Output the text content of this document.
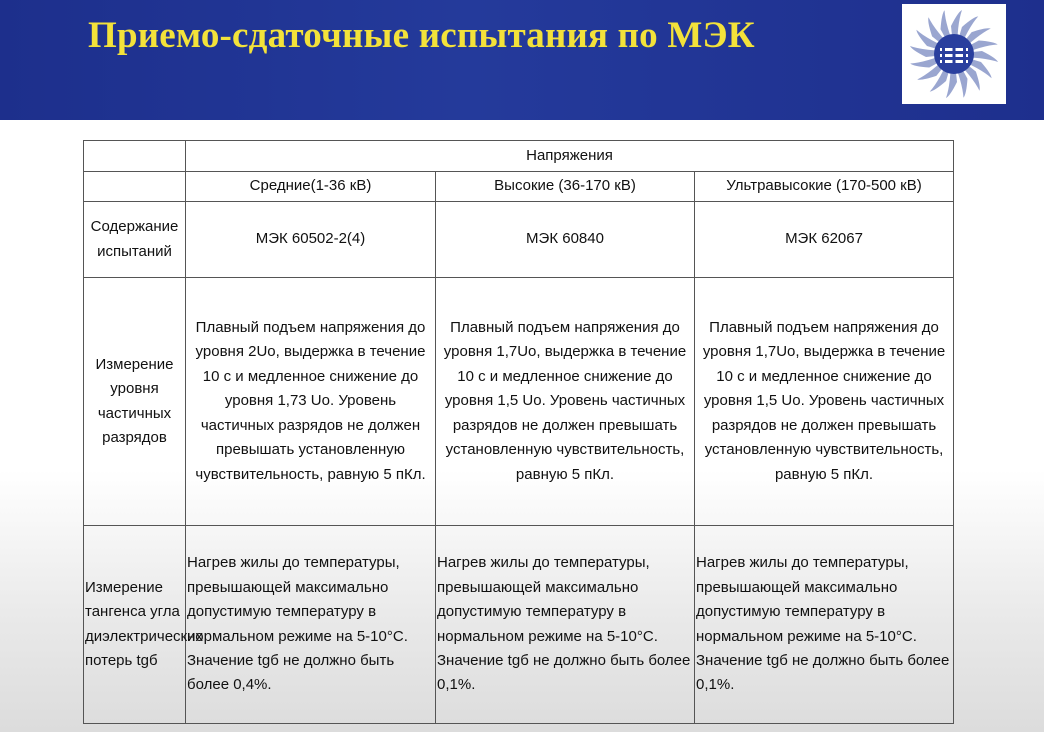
Приемо-сдаточные испытания по МЭК
	Напряжения		
	Средние(1-36 кВ)	Высокие (36-170 кВ)	Ультравысокие (170-500 кВ)
Содержание испытаний	МЭК 60502-2(4)	МЭК 60840	МЭК 62067
Измерение уровня частичных разрядов	Плавный подъем напряжения до уровня 2Uo, выдержка в течение 10 с и медленное снижение до уровня 1,73 Uo. Уровень частичных разрядов не должен превышать установленную чувствительность, равную 5 пКл.	Плавный подъем напряжения до уровня 1,7Uo, выдержка в течение 10 с и медленное снижение до уровня 1,5 Uo. Уровень частичных разрядов не должен превышать установленную чувствительность, равную 5 пКл.	Плавный подъем напряжения до уровня 1,7Uo, выдержка в течение 10 с и медленное снижение до уровня 1,5 Uo. Уровень частичных разрядов не должен превышать установленную чувствительность, равную 5 пКл.
Измерение тангенса угла диэлектрических потерь tgб	Нагрев жилы до температуры, превышающей максимально допустимую температуру в нормальном режиме на 5-10°С. Значение tgб не должно быть более 0,4%.	Нагрев жилы до температуры, превышающей максимально допустимую температуру в нормальном режиме на 5-10°С. Значение tgб не должно быть более 0,1%.	Нагрев жилы до температуры, превышающей максимально допустимую температуру в нормальном режиме на 5-10°С. Значение tgб не должно быть более 0,1%.
